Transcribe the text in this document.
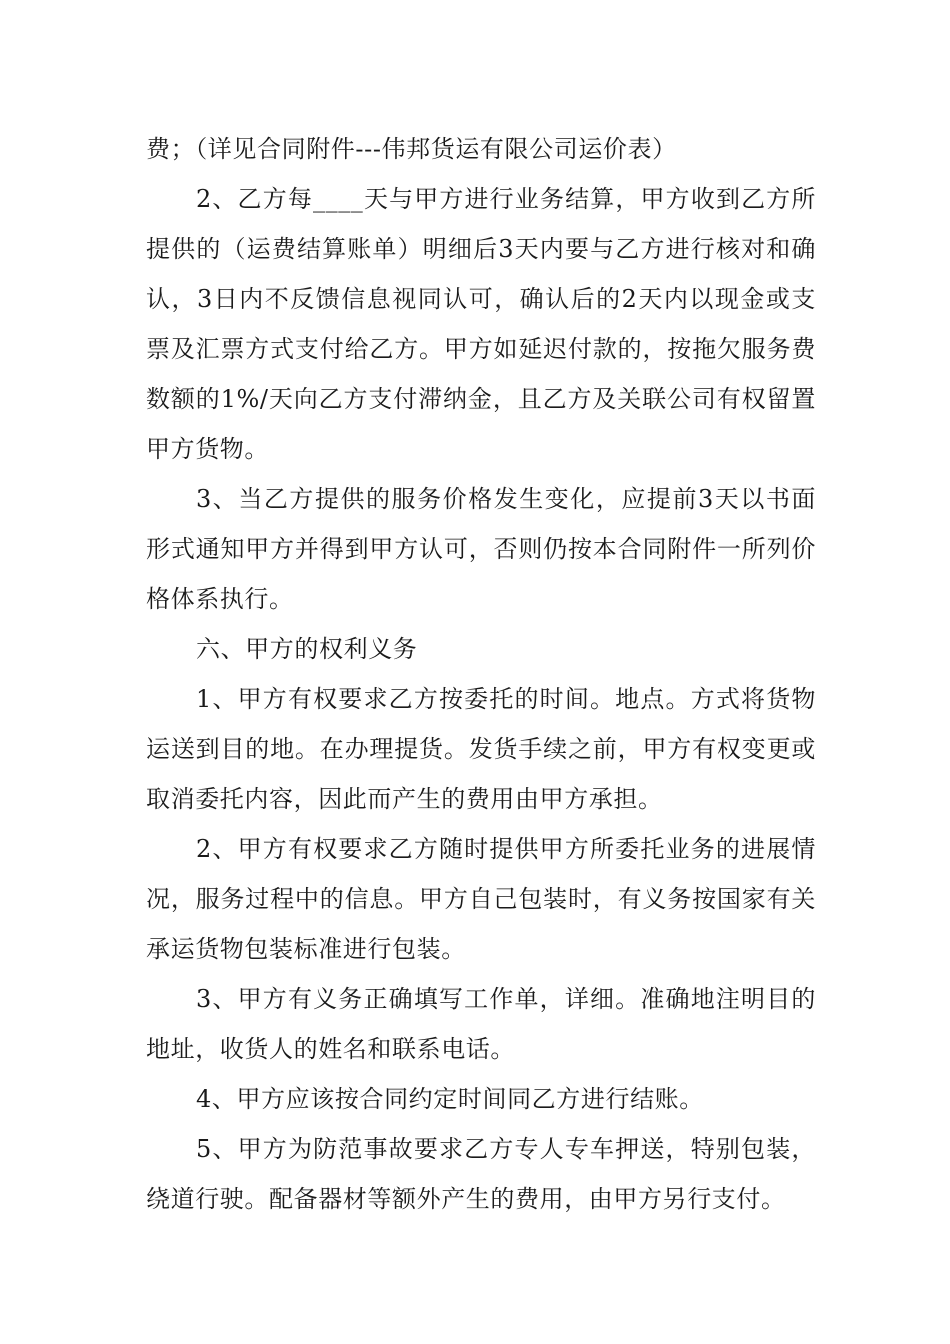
费；（详见合同附件---伟邦货运有限公司运价表）

2、乙方每____天与甲方进行业务结算，甲方收到乙方所提供的（运费结算账单）明细后3天内要与乙方进行核对和确认，3日内不反馈信息视同认可，确认后的2天内以现金或支票及汇票方式支付给乙方。甲方如延迟付款的，按拖欠服务费数额的1%/天向乙方支付滞纳金，且乙方及关联公司有权留置甲方货物。

3、当乙方提供的服务价格发生变化，应提前3天以书面形式通知甲方并得到甲方认可，否则仍按本合同附件一所列价格体系执行。

六、甲方的权利义务

1、甲方有权要求乙方按委托的时间。地点。方式将货物运送到目的地。在办理提货。发货手续之前，甲方有权变更或取消委托内容，因此而产生的费用由甲方承担。

2、甲方有权要求乙方随时提供甲方所委托业务的进展情况，服务过程中的信息。甲方自己包装时，有义务按国家有关承运货物包装标准进行包装。

3、甲方有义务正确填写工作单，详细。准确地注明目的地址，收货人的姓名和联系电话。

4、甲方应该按合同约定时间同乙方进行结账。

5、甲方为防范事故要求乙方专人专车押送，特别包装，绕道行驶。配备器材等额外产生的费用，由甲方另行支付。
